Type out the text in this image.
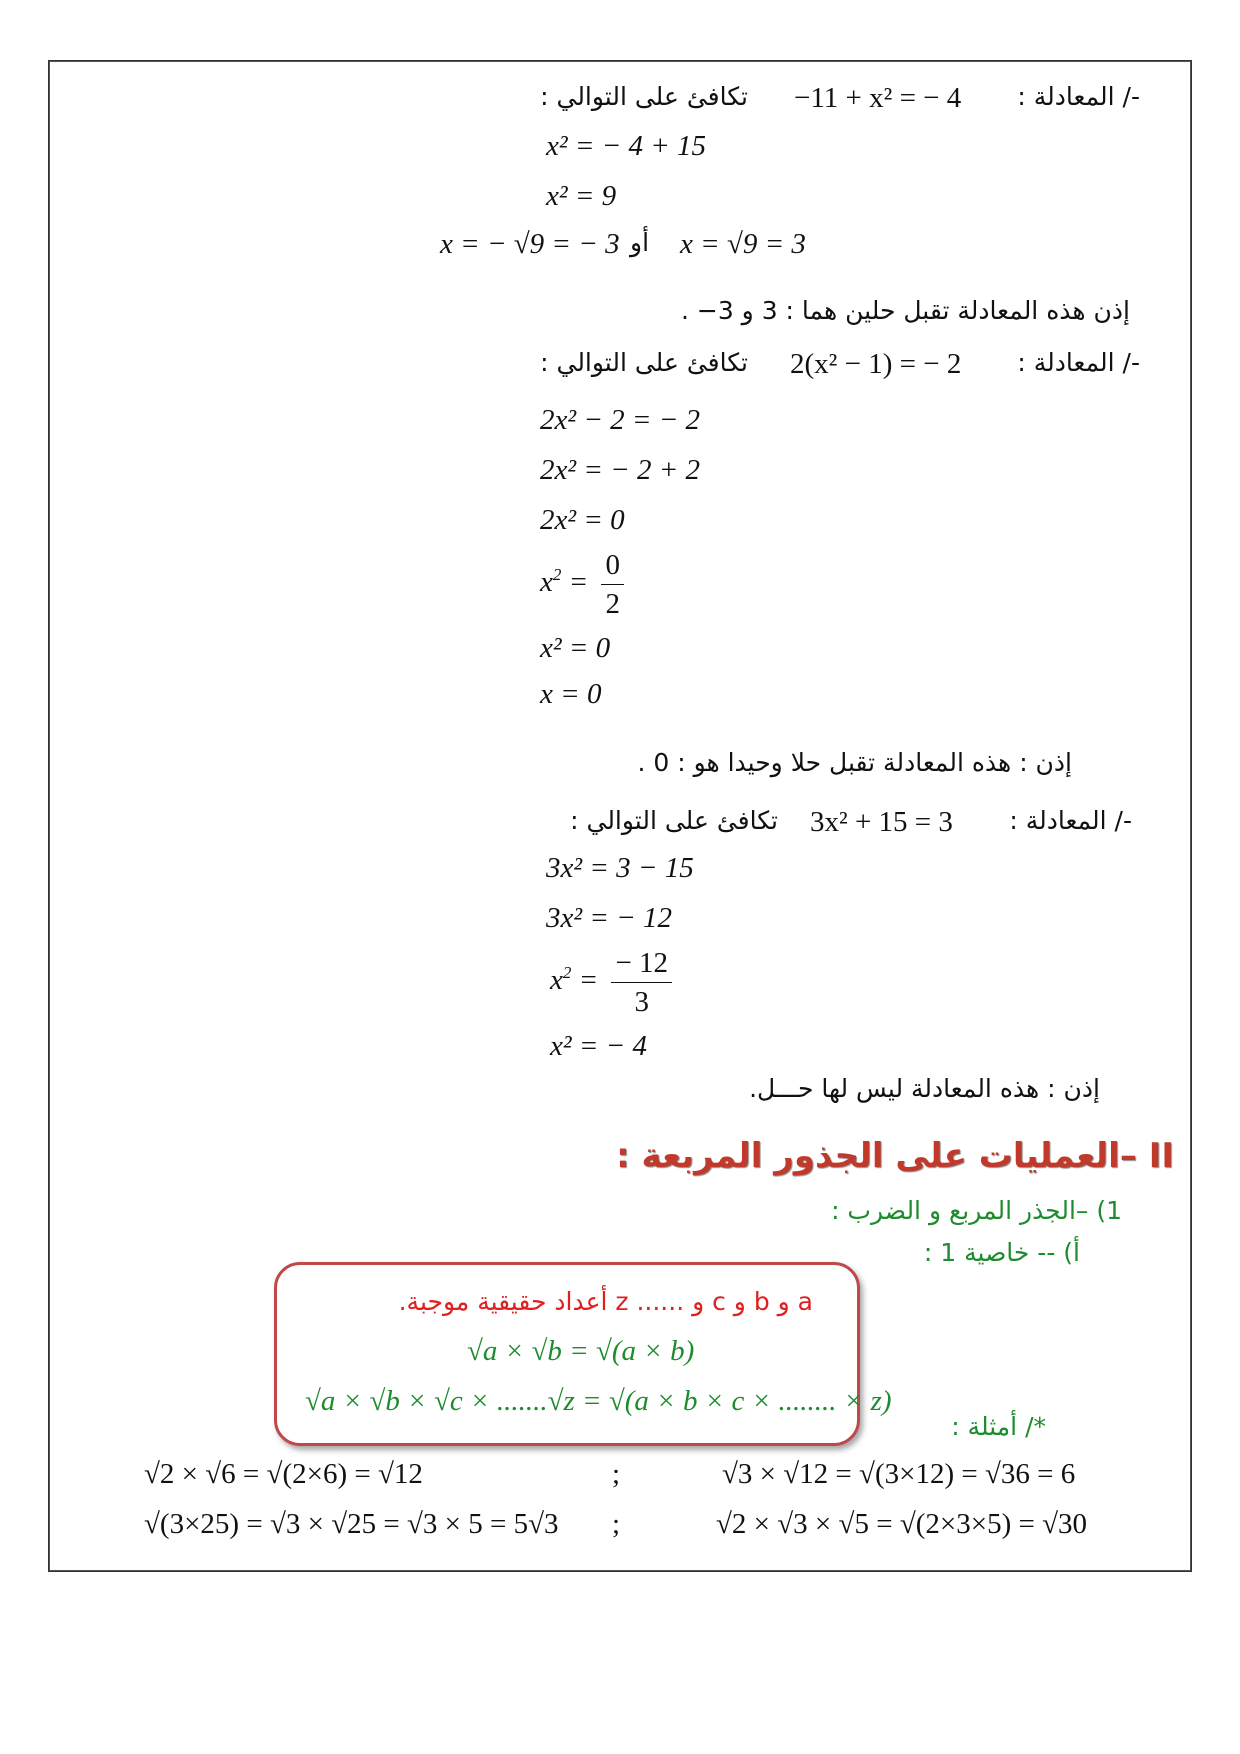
-/ المعادلة :
−11 + x² = − 4
تكافئ على التوالي :
x² = − 4 + 15
x² = 9
x = − √9 = − 3 أو x = √9 = 3
إذن هذه المعادلة تقبل حلين هما : 3 و 3− .
-/ المعادلة :
2(x² − 1) = − 2
تكافئ على التوالي :
2x² − 2 = − 2
2x² = − 2 + 2
2x² = 0
$x^2 = \frac{0}{2}$
x² = 0
x = 0
إذن : هذه المعادلة تقبل حلا وحيدا هو : 0 .
-/ المعادلة :
3x² + 15 = 3
تكافئ على التوالي :
3x² = 3 − 15
3x² = − 12
$x^2 = \frac{- 12}{3}$
x² = − 4
إذن : هذه المعادلة ليس لها حـــل.
II –العمليات على الجذور المربعة :
1) –الجذر المربع و الضرب :
أ) -- خاصية 1 :
a و b و c و ...... z أعداد حقيقية موجبة.
√a × √b = √(a × b)
√a × √b × √c × .......√z = √(a × b × c × ........ × z)
*/ أمثلة :
√3 × √12 = √(3×12) = √36 = 6
;
√2 × √6 = √(2×6) = √12
√2 × √3 × √5 = √(2×3×5) = √30
;
√(3×25) = √3 × √25 = √3 × 5 = 5√3
